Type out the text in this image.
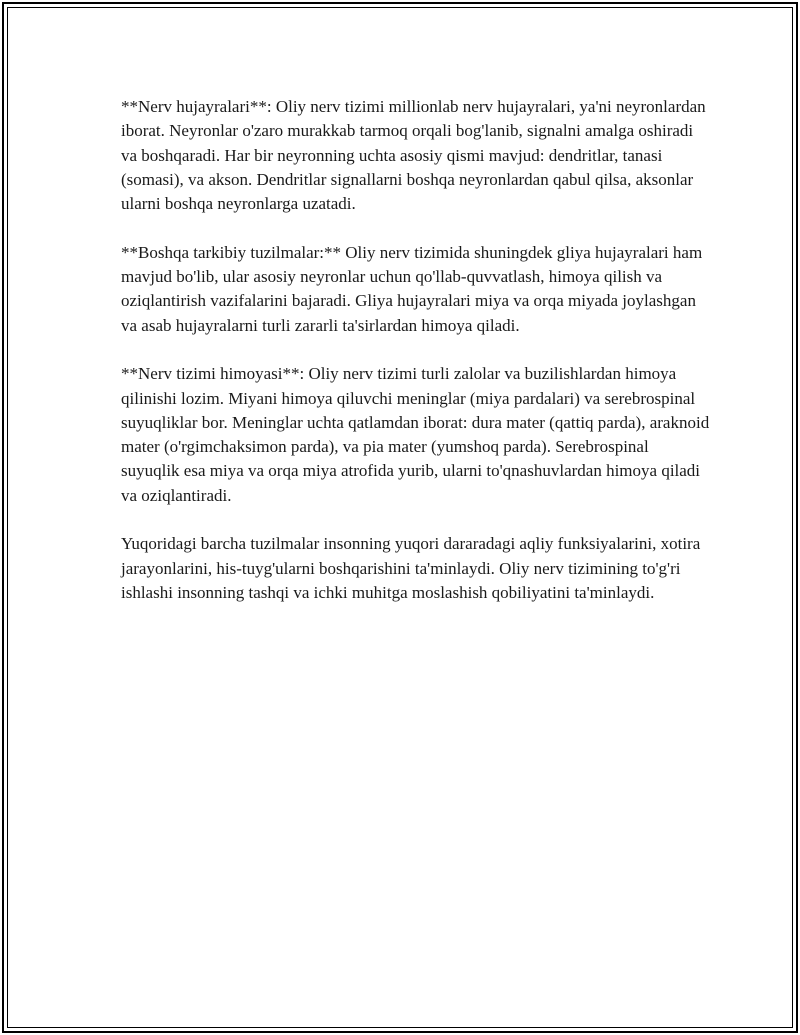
**Nerv hujayralari**: Oliy nerv tizimi millionlab nerv hujayralari, ya'ni neyronlardan iborat. Neyronlar o'zaro murakkab tarmoq orqali bog'lanib, signalni amalga oshiradi va boshqaradi. Har bir neyronning uchta asosiy qismi mavjud: dendritlar, tanasi (somasi), va akson. Dendritlar signallarni boshqa neyronlardan qabul qilsa, aksonlar ularni boshqa neyronlarga uzatadi.

**Boshqa tarkibiy tuzilmalar:** Oliy nerv tizimida shuningdek gliya hujayralari ham mavjud bo'lib, ular asosiy neyronlar uchun qo'llab-quvvatlash, himoya qilish va oziqlantirish vazifalarini bajaradi. Gliya hujayralari miya va orqa miyada joylashgan va asab hujayralarni turli zararli ta'sirlardan himoya qiladi.

**Nerv tizimi himoyasi**: Oliy nerv tizimi turli zalolar va buzilishlardan himoya qilinishi lozim. Miyani himoya qiluvchi meninglar (miya pardalari) va serebrospinal suyuqliklar bor. Meninglar uchta qatlamdan iborat: dura mater (qattiq parda), araknoid mater (o'rgimchaksimon parda), va pia mater (yumshoq parda). Serebrospinal suyuqlik esa miya va orqa miya atrofida yurib, ularni to'qnashuvlardan himoya qiladi va oziqlantiradi.

Yuqoridagi barcha tuzilmalar insonning yuqori dararadagi aqliy funksiyalarini, xotira jarayonlarini, his-tuyg'ularni boshqarishini ta'minlaydi. Oliy nerv tizimining to'g'ri ishlashi insonning tashqi va ichki muhitga moslashish qobiliyatini ta'minlaydi.
